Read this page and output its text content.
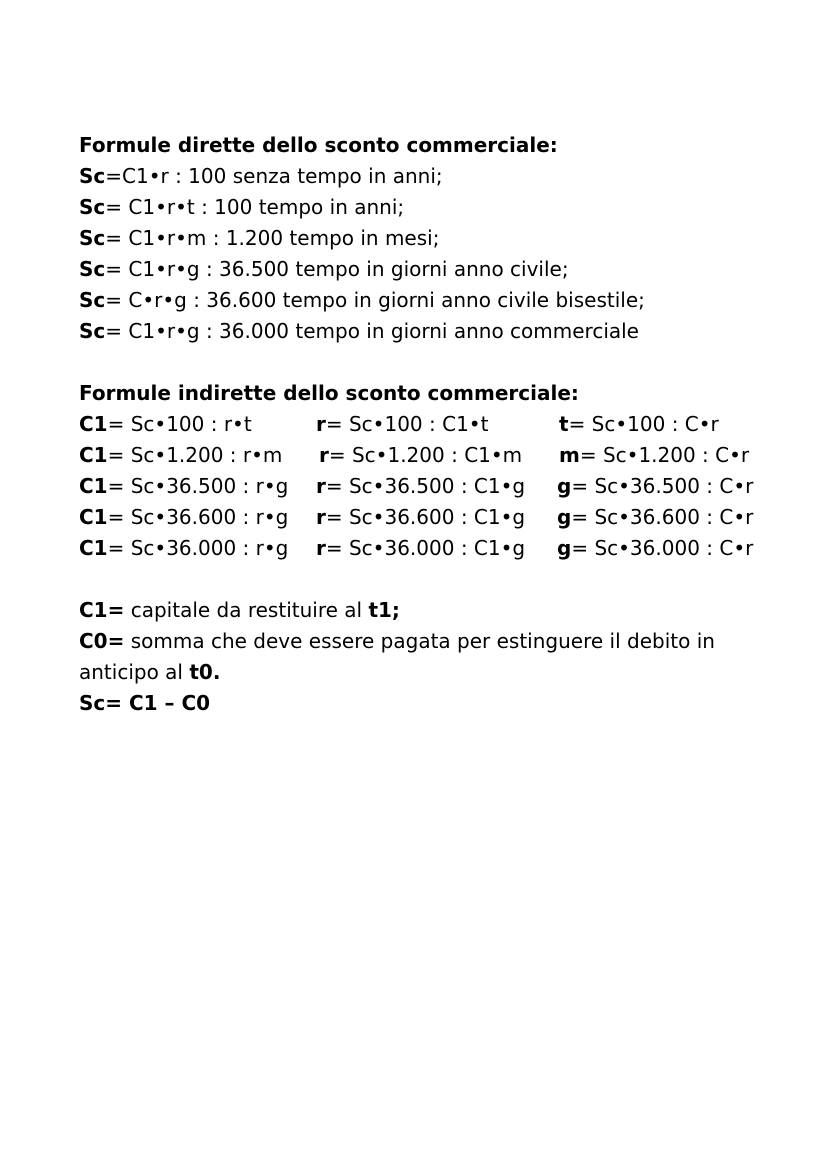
Formule dirette dello sconto commerciale:
Sc=C1•r : 100 senza tempo in anni;
Sc= C1•r•t : 100 tempo in anni;
Sc= C1•r•m : 1.200 tempo in mesi;
Sc= C1•r•g : 36.500 tempo in giorni anno civile;
Sc= C•r•g : 36.600 tempo in giorni anno civile bisestile;
Sc= C1•r•g : 36.000 tempo in giorni anno commerciale
Formule indirette dello sconto commerciale:
C1= Sc•100 : r•t	r= Sc•100 : C1•t	t= Sc•100 : C•r
C1= Sc•1.200 : r•m r= Sc•1.200 : C1•m m= Sc•1.200 : C•r
C1= Sc•36.500 : r•g r= Sc•36.500 : C1•g g= Sc•36.500 : C•r
C1= Sc•36.600 : r•g r= Sc•36.600 : C1•g g= Sc•36.600 : C•r
C1= Sc•36.000 : r•g r= Sc•36.000 : C1•g g= Sc•36.000 : C•r
C1= capitale da restituire al t1;
C0= somma che deve essere pagata per estinguere il debito in
anticipo al t0.
Sc= C1 – C0
